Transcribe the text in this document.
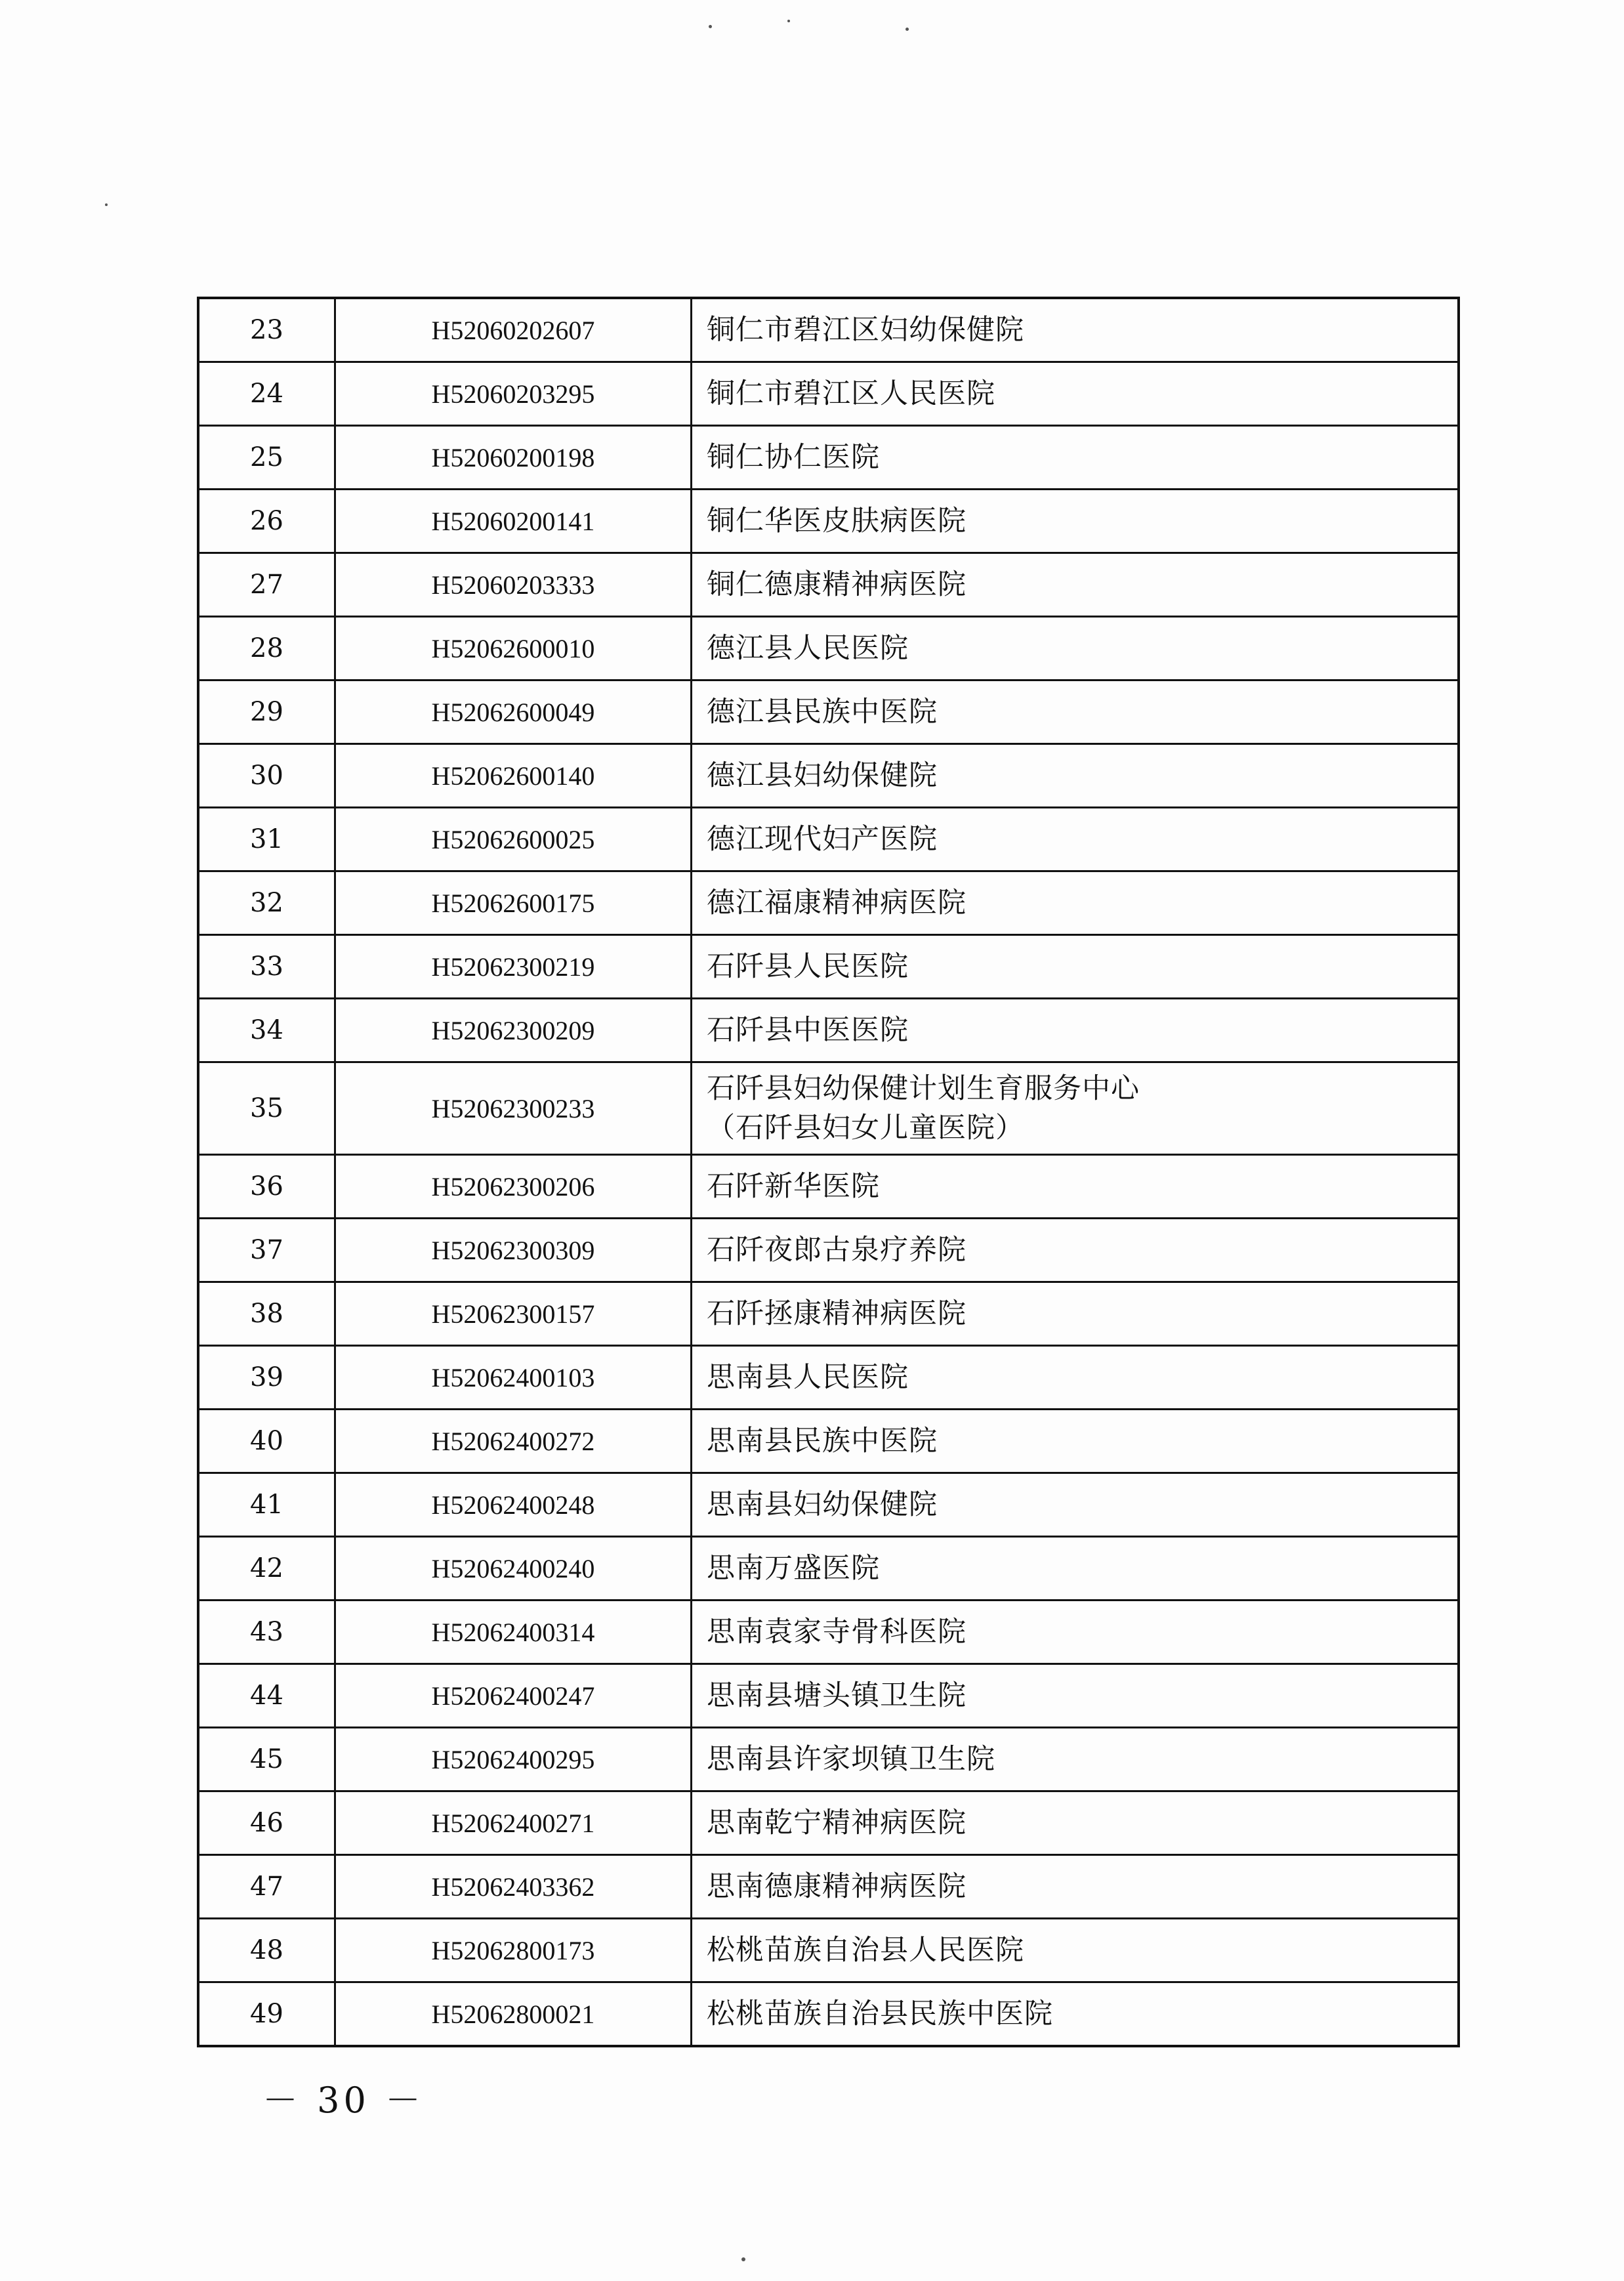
23	H52060202607	铜仁市碧江区妇幼保健院

24	H52060203295	铜仁市碧江区人民医院

25	H52060200198	铜仁协仁医院

26	H52060200141	铜仁华医皮肤病医院

27	H52060203333	铜仁德康精神病医院

28	H52062600010	德江县人民医院

29	H52062600049	德江县民族中医院

30	H52062600140	德江县妇幼保健院

31	H52062600025	德江现代妇产医院

32	H52062600175	德江福康精神病医院

33	H52062300219	石阡县人民医院

34	H52062300209	石阡县中医医院

35	H52062300233	石阡县妇幼保健计划生育服务中心
（石阡县妇女儿童医院）

36	H52062300206	石阡新华医院

37	H52062300309	石阡夜郎古泉疗养院

38	H52062300157	石阡拯康精神病医院

39	H52062400103	思南县人民医院

40	H52062400272	思南县民族中医院

41	H52062400248	思南县妇幼保健院

42	H52062400240	思南万盛医院

43	H52062400314	思南袁家寺骨科医院

44	H52062400247	思南县塘头镇卫生院

45	H52062400295	思南县许家坝镇卫生院

46	H52062400271	思南乾宁精神病医院

47	H52062403362	思南德康精神病医院

48	H52062800173	松桃苗族自治县人民医院

49	H52062800021	松桃苗族自治县民族中医院
－ 30 －
